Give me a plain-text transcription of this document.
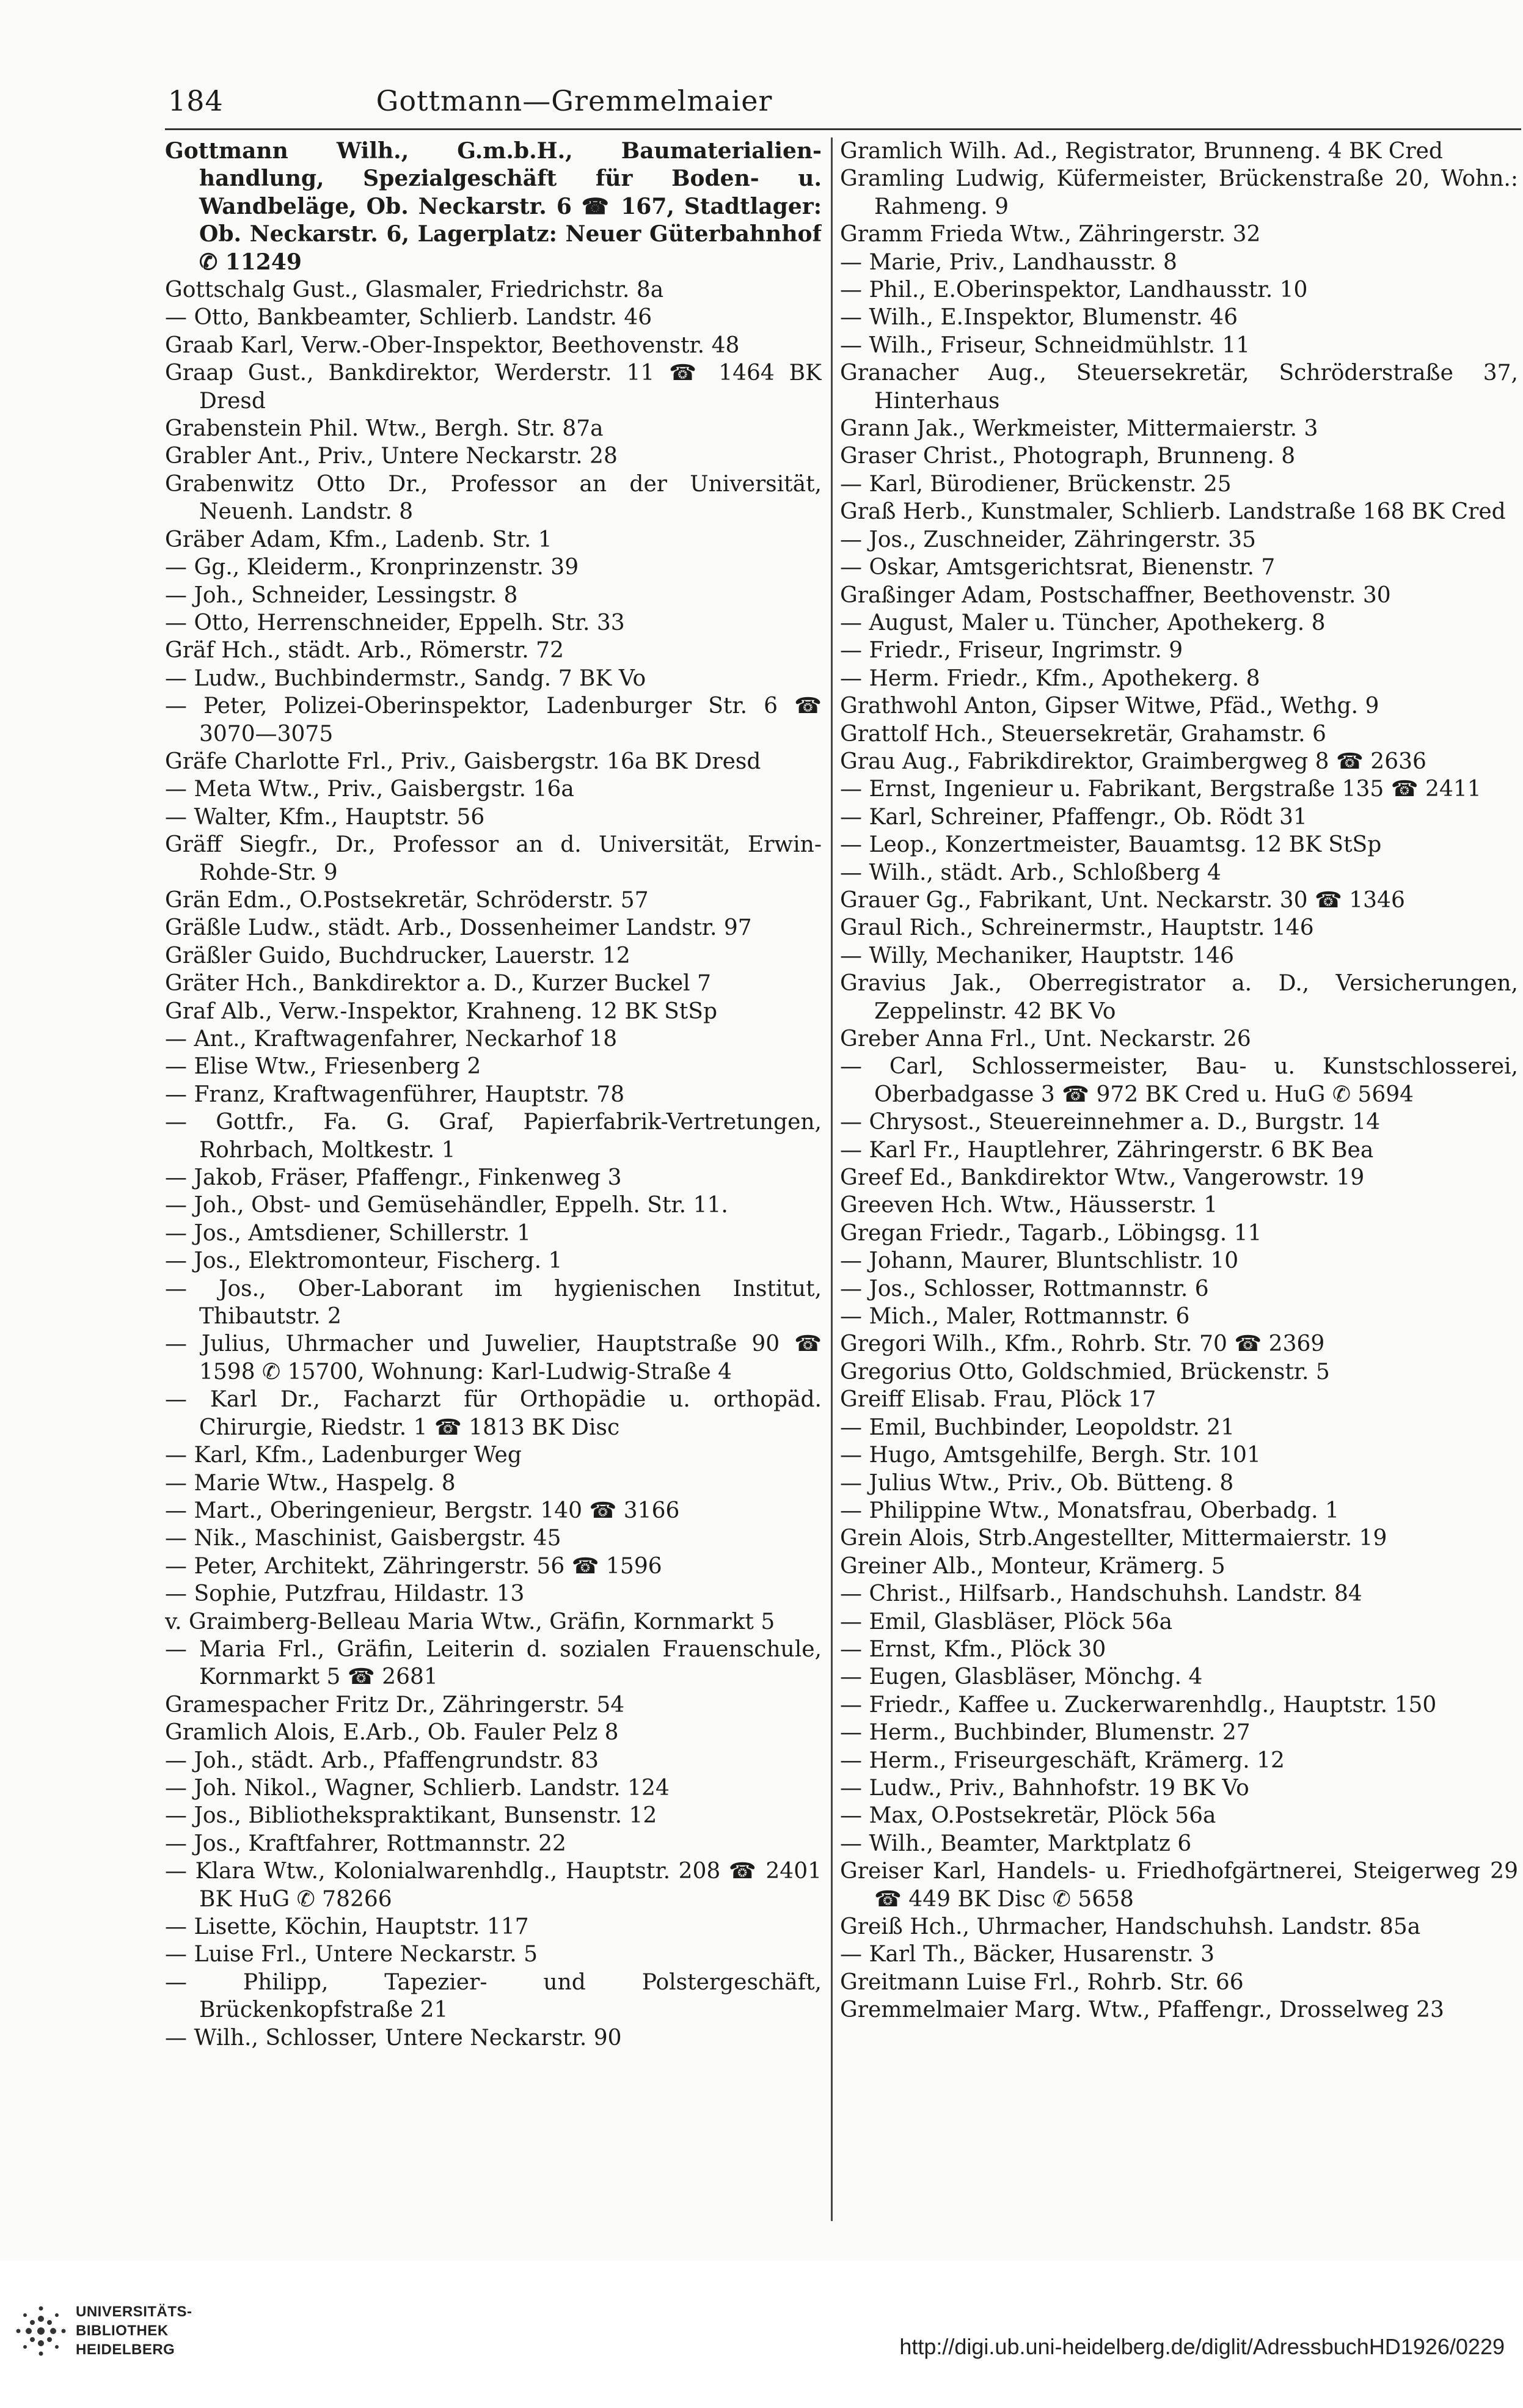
184	Gottmann—Gremmelmaier

Gottmann Wilh., G.m.b.H., Baumaterialien-handlung, Spezialgeschäft für Boden- u. Wandbeläge, Ob. Neckarstr. 6 ☎ 167, Stadtlager: Ob. Neckarstr. 6, Lagerplatz: Neuer Güterbahnhof ✆ 11249

Gottschalg Gust., Glasmaler, Friedrichstr. 8a

— Otto, Bankbeamter, Schlierb. Landstr. 46

Graab Karl, Verw.-Ober-Inspektor, Beethovenstr. 48

Graap Gust., Bankdirektor, Werderstr. 11 ☎ 1464 BK Dresd

Grabenstein Phil. Wtw., Bergh. Str. 87a

Grabler Ant., Priv., Untere Neckarstr. 28

Grabenwitz Otto Dr., Professor an der Universität, Neuenh. Landstr. 8

Gräber Adam, Kfm., Ladenb. Str. 1

— Gg., Kleiderm., Kronprinzenstr. 39

— Joh., Schneider, Lessingstr. 8

— Otto, Herrenschneider, Eppelh. Str. 33

Gräf Hch., städt. Arb., Römerstr. 72

— Ludw., Buchbindermstr., Sandg. 7 BK Vo

— Peter, Polizei-Oberinspektor, Ladenburger Str. 6 ☎ 3070—3075

Gräfe Charlotte Frl., Priv., Gaisbergstr. 16a BK Dresd

— Meta Wtw., Priv., Gaisbergstr. 16a

— Walter, Kfm., Hauptstr. 56

Gräff Siegfr., Dr., Professor an d. Universität, Erwin-Rohde-Str. 9

Grän Edm., O.Postsekretär, Schröderstr. 57

Gräßle Ludw., städt. Arb., Dossenheimer Landstr. 97

Gräßler Guido, Buchdrucker, Lauerstr. 12

Gräter Hch., Bankdirektor a. D., Kurzer Buckel 7

Graf Alb., Verw.-Inspektor, Krahneng. 12 BK StSp

— Ant., Kraftwagenfahrer, Neckarhof 18

— Elise Wtw., Friesenberg 2

— Franz, Kraftwagenführer, Hauptstr. 78

— Gottfr., Fa. G. Graf, Papierfabrik-Vertretungen, Rohrbach, Moltkestr. 1

— Jakob, Fräser, Pfaffengr., Finkenweg 3

— Joh., Obst- und Gemüsehändler, Eppelh. Str. 11.

— Jos., Amtsdiener, Schillerstr. 1

— Jos., Elektromonteur, Fischerg. 1

— Jos., Ober-Laborant im hygienischen Institut, Thibautstr. 2

— Julius, Uhrmacher und Juwelier, Hauptstraße 90 ☎ 1598 ✆ 15700, Wohnung: Karl-Ludwig-Straße 4

— Karl Dr., Facharzt für Orthopädie u. orthopäd. Chirurgie, Riedstr. 1 ☎ 1813 BK Disc

— Karl, Kfm., Ladenburger Weg

— Marie Wtw., Haspelg. 8

— Mart., Oberingenieur, Bergstr. 140 ☎ 3166

— Nik., Maschinist, Gaisbergstr. 45

— Peter, Architekt, Zähringerstr. 56 ☎ 1596

— Sophie, Putzfrau, Hildastr. 13

v. Graimberg-Belleau Maria Wtw., Gräfin, Kornmarkt 5

— Maria Frl., Gräfin, Leiterin d. sozialen Frauenschule, Kornmarkt 5 ☎ 2681

Gramespacher Fritz Dr., Zähringerstr. 54

Gramlich Alois, E.Arb., Ob. Fauler Pelz 8

— Joh., städt. Arb., Pfaffengrundstr. 83

— Joh. Nikol., Wagner, Schlierb. Landstr. 124

— Jos., Bibliothekspraktikant, Bunsenstr. 12

— Jos., Kraftfahrer, Rottmannstr. 22

— Klara Wtw., Kolonialwarenhdlg., Hauptstr. 208 ☎ 2401 BK HuG ✆ 78266

— Lisette, Köchin, Hauptstr. 117

— Luise Frl., Untere Neckarstr. 5

— Philipp, Tapezier- und Polstergeschäft, Brückenkopfstraße 21

— Wilh., Schlosser, Untere Neckarstr. 90

Gramlich Wilh. Ad., Registrator, Brunneng. 4 BK Cred

Gramling Ludwig, Küfermeister, Brückenstraße 20, Wohn.: Rahmeng. 9

Gramm Frieda Wtw., Zähringerstr. 32

— Marie, Priv., Landhausstr. 8

— Phil., E.Oberinspektor, Landhausstr. 10

— Wilh., E.Inspektor, Blumenstr. 46

— Wilh., Friseur, Schneidmühlstr. 11

Granacher Aug., Steuersekretär, Schröderstraße 37, Hinterhaus

Grann Jak., Werkmeister, Mittermaierstr. 3

Graser Christ., Photograph, Brunneng. 8

— Karl, Bürodiener, Brückenstr. 25

Graß Herb., Kunstmaler, Schlierb. Landstraße 168 BK Cred

— Jos., Zuschneider, Zähringerstr. 35

— Oskar, Amtsgerichtsrat, Bienenstr. 7

Graßinger Adam, Postschaffner, Beethovenstr. 30

— August, Maler u. Tüncher, Apothekerg. 8

— Friedr., Friseur, Ingrimstr. 9

— Herm. Friedr., Kfm., Apothekerg. 8

Grathwohl Anton, Gipser Witwe, Pfäd., Wethg. 9

Grattolf Hch., Steuersekretär, Grahamstr. 6

Grau Aug., Fabrikdirektor, Graimbergweg 8 ☎ 2636

— Ernst, Ingenieur u. Fabrikant, Bergstraße 135 ☎ 2411

— Karl, Schreiner, Pfaffengr., Ob. Rödt 31

— Leop., Konzertmeister, Bauamtsg. 12 BK StSp

— Wilh., städt. Arb., Schloßberg 4

Grauer Gg., Fabrikant, Unt. Neckarstr. 30 ☎ 1346

Graul Rich., Schreinermstr., Hauptstr. 146

— Willy, Mechaniker, Hauptstr. 146

Gravius Jak., Oberregistrator a. D., Versicherungen, Zeppelinstr. 42 BK Vo

Greber Anna Frl., Unt. Neckarstr. 26

— Carl, Schlossermeister, Bau- u. Kunstschlosserei, Oberbadgasse 3 ☎ 972 BK Cred u. HuG ✆ 5694

— Chrysost., Steuereinnehmer a. D., Burgstr. 14

— Karl Fr., Hauptlehrer, Zähringerstr. 6 BK Bea

Greef Ed., Bankdirektor Wtw., Vangerowstr. 19

Greeven Hch. Wtw., Häusserstr. 1

Gregan Friedr., Tagarb., Löbingsg. 11

— Johann, Maurer, Bluntschlistr. 10

— Jos., Schlosser, Rottmannstr. 6

— Mich., Maler, Rottmannstr. 6

Gregori Wilh., Kfm., Rohrb. Str. 70 ☎ 2369

Gregorius Otto, Goldschmied, Brückenstr. 5

Greiff Elisab. Frau, Plöck 17

— Emil, Buchbinder, Leopoldstr. 21

— Hugo, Amtsgehilfe, Bergh. Str. 101

— Julius Wtw., Priv., Ob. Bütteng. 8

— Philippine Wtw., Monatsfrau, Oberbadg. 1

Grein Alois, Strb.Angestellter, Mittermaierstr. 19

Greiner Alb., Monteur, Krämerg. 5

— Christ., Hilfsarb., Handschuhsh. Landstr. 84

— Emil, Glasbläser, Plöck 56a

— Ernst, Kfm., Plöck 30

— Eugen, Glasbläser, Mönchg. 4

— Friedr., Kaffee u. Zuckerwarenhdlg., Hauptstr. 150

— Herm., Buchbinder, Blumenstr. 27

— Herm., Friseurgeschäft, Krämerg. 12

— Ludw., Priv., Bahnhofstr. 19 BK Vo

— Max, O.Postsekretär, Plöck 56a

— Wilh., Beamter, Marktplatz 6

Greiser Karl, Handels- u. Friedhofgärtnerei, Steigerweg 29 ☎ 449 BK Disc ✆ 5658

Greiß Hch., Uhrmacher, Handschuhsh. Landstr. 85a

— Karl Th., Bäcker, Husarenstr. 3

Greitmann Luise Frl., Rohrb. Str. 66

Gremmelmaier Marg. Wtw., Pfaffengr., Drosselweg 23

UNIVERSITÄTS-
BIBLIOTHEK
HEIDELBERG	http://digi.ub.uni-heidelberg.de/diglit/AdressbuchHD1926/0229
